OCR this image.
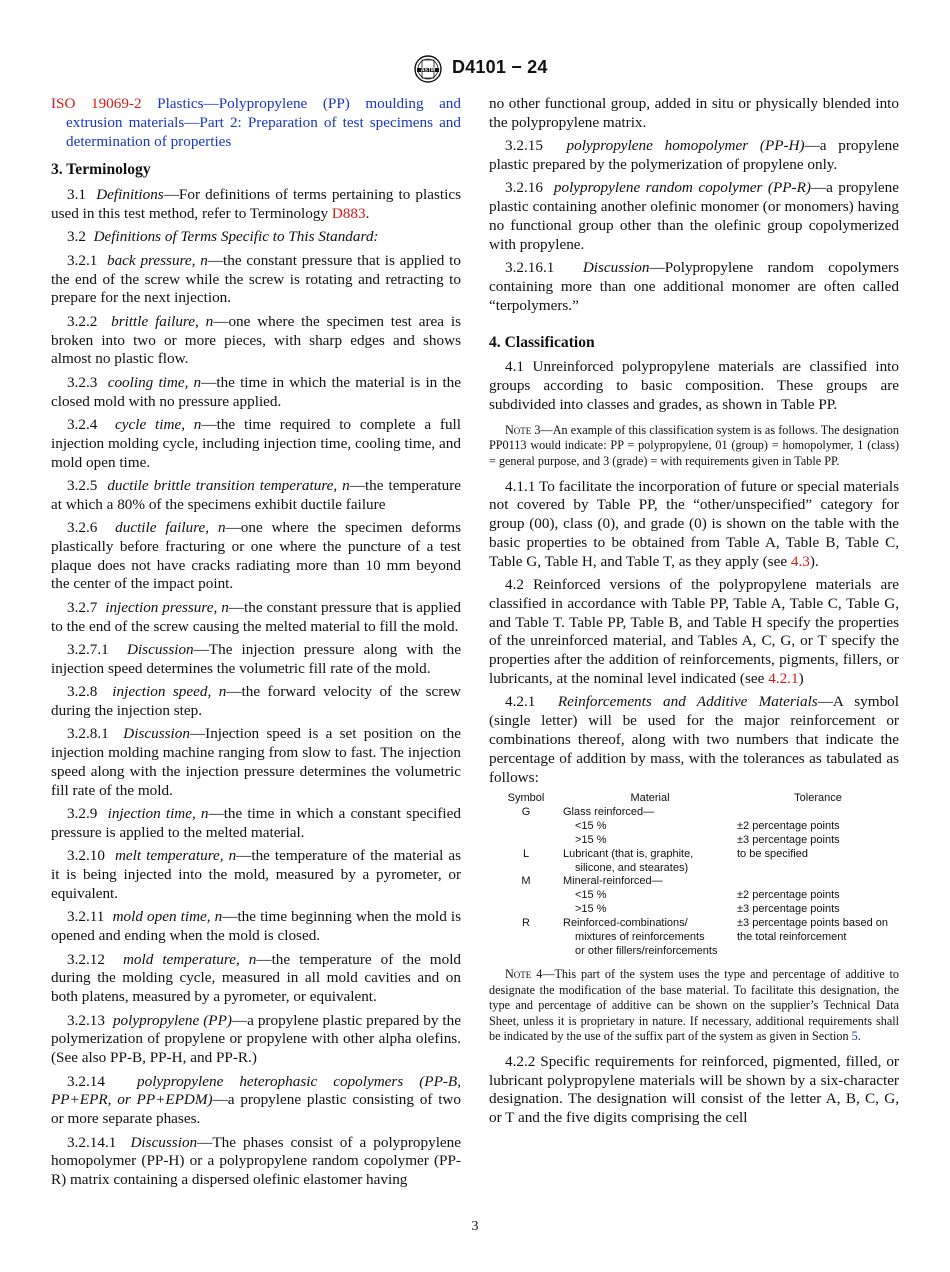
ASTM D4101 − 24
ISO 19069-2 Plastics—Polypropylene (PP) moulding and extrusion materials—Part 2: Preparation of test specimens and determination of properties
3. Terminology

3.1 Definitions—For definitions of terms pertaining to plastics used in this test method, refer to Terminology D883.

3.2 Definitions of Terms Specific to This Standard:

3.2.1 back pressure, n—the constant pressure that is applied to the end of the screw while the screw is rotating and retracting to prepare for the next injection.

3.2.2 brittle failure, n—one where the specimen test area is broken into two or more pieces, with sharp edges and shows almost no plastic flow.

3.2.3 cooling time, n—the time in which the material is in the closed mold with no pressure applied.

3.2.4 cycle time, n—the time required to complete a full injection molding cycle, including injection time, cooling time, and mold open time.

3.2.5 ductile brittle transition temperature, n—the temperature at which a 80% of the specimens exhibit ductile failure

3.2.6 ductile failure, n—one where the specimen deforms plastically before fracturing or one where the puncture of a test plaque does not have cracks radiating more than 10 mm beyond the center of the impact point.

3.2.7 injection pressure, n—the constant pressure that is applied to the end of the screw causing the melted material to fill the mold.

3.2.7.1 Discussion—The injection pressure along with the injection speed determines the volumetric fill rate of the mold.

3.2.8 injection speed, n—the forward velocity of the screw during the injection step.

3.2.8.1 Discussion—Injection speed is a set position on the injection molding machine ranging from slow to fast. The injection speed along with the injection pressure determines the volumetric fill rate of the mold.

3.2.9 injection time, n—the time in which a constant specified pressure is applied to the melted material.

3.2.10 melt temperature, n—the temperature of the material as it is being injected into the mold, measured by a pyrometer, or equivalent.

3.2.11 mold open time, n—the time beginning when the mold is opened and ending when the mold is closed.

3.2.12 mold temperature, n—the temperature of the mold during the molding cycle, measured in all mold cavities and on both platens, measured by a pyrometer, or equivalent.

3.2.13 polypropylene (PP)—a propylene plastic prepared by the polymerization of propylene or propylene with other alpha olefins. (See also PP-B, PP-H, and PP-R.)

3.2.14 polypropylene heterophasic copolymers (PP-B, PP+EPR, or PP+EPDM)—a propylene plastic consisting of two or more separate phases.

3.2.14.1 Discussion—The phases consist of a polypropylene homopolymer (PP-H) or a polypropylene random copolymer (PP-R) matrix containing a dispersed olefinic elastomer having

no other functional group, added in situ or physically blended into the polypropylene matrix.

3.2.15 polypropylene homopolymer (PP-H)—a propylene plastic prepared by the polymerization of propylene only.

3.2.16 polypropylene random copolymer (PP-R)—a propylene plastic containing another olefinic monomer (or monomers) having no functional group other than the olefinic group copolymerized with propylene.

3.2.16.1 Discussion—Polypropylene random copolymers containing more than one additional monomer are often called “terpolymers.”

4. Classification

4.1 Unreinforced polypropylene materials are classified into groups according to basic composition. These groups are subdivided into classes and grades, as shown in Table PP.

Note 3—An example of this classification system is as follows. The designation PP0113 would indicate: PP = polypropylene, 01 (group) = homopolymer, 1 (class) = general purpose, and 3 (grade) = with requirements given in Table PP.

4.1.1 To facilitate the incorporation of future or special materials not covered by Table PP, the “other/unspecified” category for group (00), class (0), and grade (0) is shown on the table with the basic properties to be obtained from Table A, Table B, Table C, Table G, Table H, and Table T, as they apply (see 4.3).

4.2 Reinforced versions of the polypropylene materials are classified in accordance with Table PP, Table A, Table C, Table G, and Table T. Table PP, Table B, and Table H specify the properties of the unreinforced material, and Tables A, C, G, or T specify the properties after the addition of reinforcements, pigments, fillers, or lubricants, at the nominal level indicated (see 4.2.1)

4.2.1 Reinforcements and Additive Materials—A symbol (single letter) will be used for the major reinforcement or combinations thereof, along with two numbers that indicate the percentage of addition by mass, with the tolerances as tabulated as follows:

Symbol	Material	Tolerance
G	Glass reinforced—	
	<15 %	±2 percentage points
	>15 %	±3 percentage points
L	Lubricant (that is, graphite,	to be specified
	silicone, and stearates)	
M	Mineral-reinforced—	
	<15 %	±2 percentage points
	>15 %	±3 percentage points
R	Reinforced-combinations/	±3 percentage points based on
	mixtures of reinforcements	the total reinforcement
	or other fillers/reinforcements	

Note 4—This part of the system uses the type and percentage of additive to designate the modification of the base material. To facilitate this designation, the type and percentage of additive can be shown on the supplier’s Technical Data Sheet, unless it is proprietary in nature. If necessary, additional requirements shall be indicated by the use of the suffix part of the system as given in Section 5.

4.2.2 Specific requirements for reinforced, pigmented, filled, or lubricant polypropylene materials will be shown by a six-character designation. The designation will consist of the letter A, B, C, G, or T and the five digits comprising the cell

3
